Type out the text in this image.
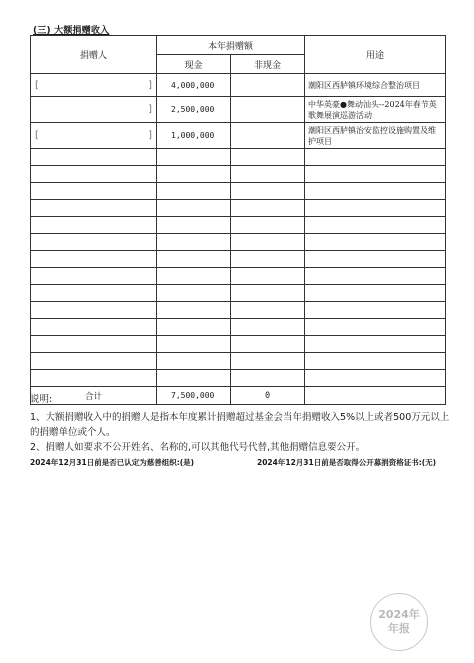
(三) 大额捐赠收入
捐赠人	本年捐赠额		用途
	现金	非现金	

[ ]	4,000,000		潮阳区西胪镇环境综合整治项目

]	2,500,000		中华英豪●舞动汕头--2024年春节英歌舞展演巡游活动

[ ]	1,000,000		潮阳区西胪镇治安监控设施购置及维护项目

合计	7,500,000	0	

说明:

1、大额捐赠收入中的捐赠人是指本年度累计捐赠超过基金会当年捐赠收入5%以上或者500万元以上的捐赠单位或个人。

2、捐赠人如要求不公开姓名、名称的,可以其他代号代替,其他捐赠信息要公开。

2024年12月31日前是否已认定为慈善组织:(是)	2024年12月31日前是否取得公开募捐资格证书:(无)
2024年
年报
